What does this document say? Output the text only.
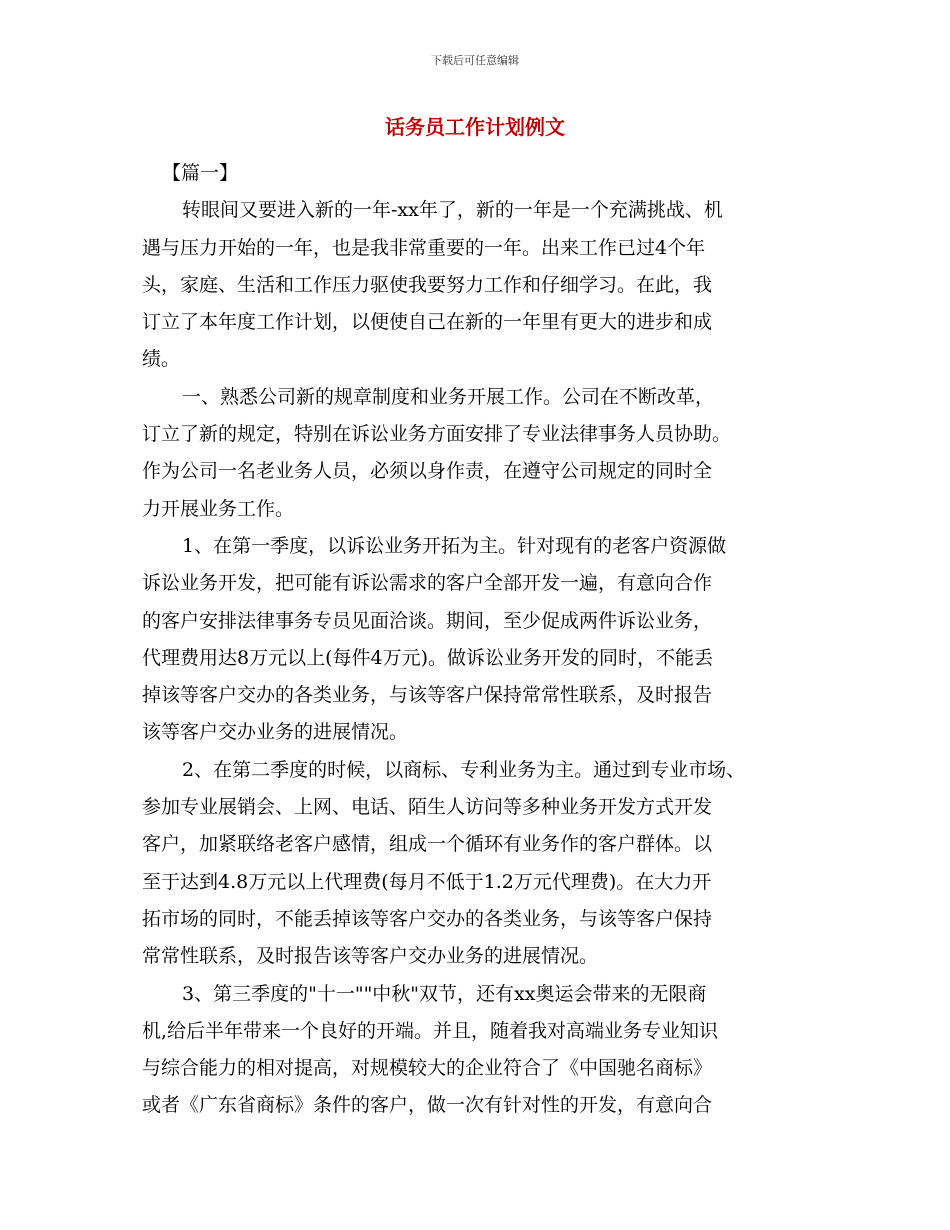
下载后可任意编辑
话务员工作计划例文
【篇一】
转眼间又要进入新的一年-xx年了，新的一年是一个充满挑战、机
遇与压力开始的一年，也是我非常重要的一年。出来工作已过4个年
头，家庭、生活和工作压力驱使我要努力工作和仔细学习。在此，我
订立了本年度工作计划，以便使自己在新的一年里有更大的进步和成
绩。
一、熟悉公司新的规章制度和业务开展工作。公司在不断改革，
订立了新的规定，特别在诉讼业务方面安排了专业法律事务人员协助。
作为公司一名老业务人员，必须以身作责，在遵守公司规定的同时全
力开展业务工作。
1、在第一季度，以诉讼业务开拓为主。针对现有的老客户资源做
诉讼业务开发，把可能有诉讼需求的客户全部开发一遍，有意向合作
的客户安排法律事务专员见面洽谈。期间，至少促成两件诉讼业务，
代理费用达8万元以上(每件4万元)。做诉讼业务开发的同时，不能丢
掉该等客户交办的各类业务，与该等客户保持常常性联系，及时报告
该等客户交办业务的进展情况。
2、在第二季度的时候，以商标、专利业务为主。通过到专业市场、
参加专业展销会、上网、电话、陌生人访问等多种业务开发方式开发
客户，加紧联络老客户感情，组成一个循环有业务作的客户群体。以
至于达到4.8万元以上代理费(每月不低于1.2万元代理费)。在大力开
拓市场的同时，不能丢掉该等客户交办的各类业务，与该等客户保持
常常性联系，及时报告该等客户交办业务的进展情况。
3、第三季度的"十一""中秋"双节，还有xx奥运会带来的无限商
机,给后半年带来一个良好的开端。并且，随着我对高端业务专业知识
与综合能力的相对提高，对规模较大的企业符合了《中国驰名商标》
或者《广东省商标》条件的客户，做一次有针对性的开发，有意向合
